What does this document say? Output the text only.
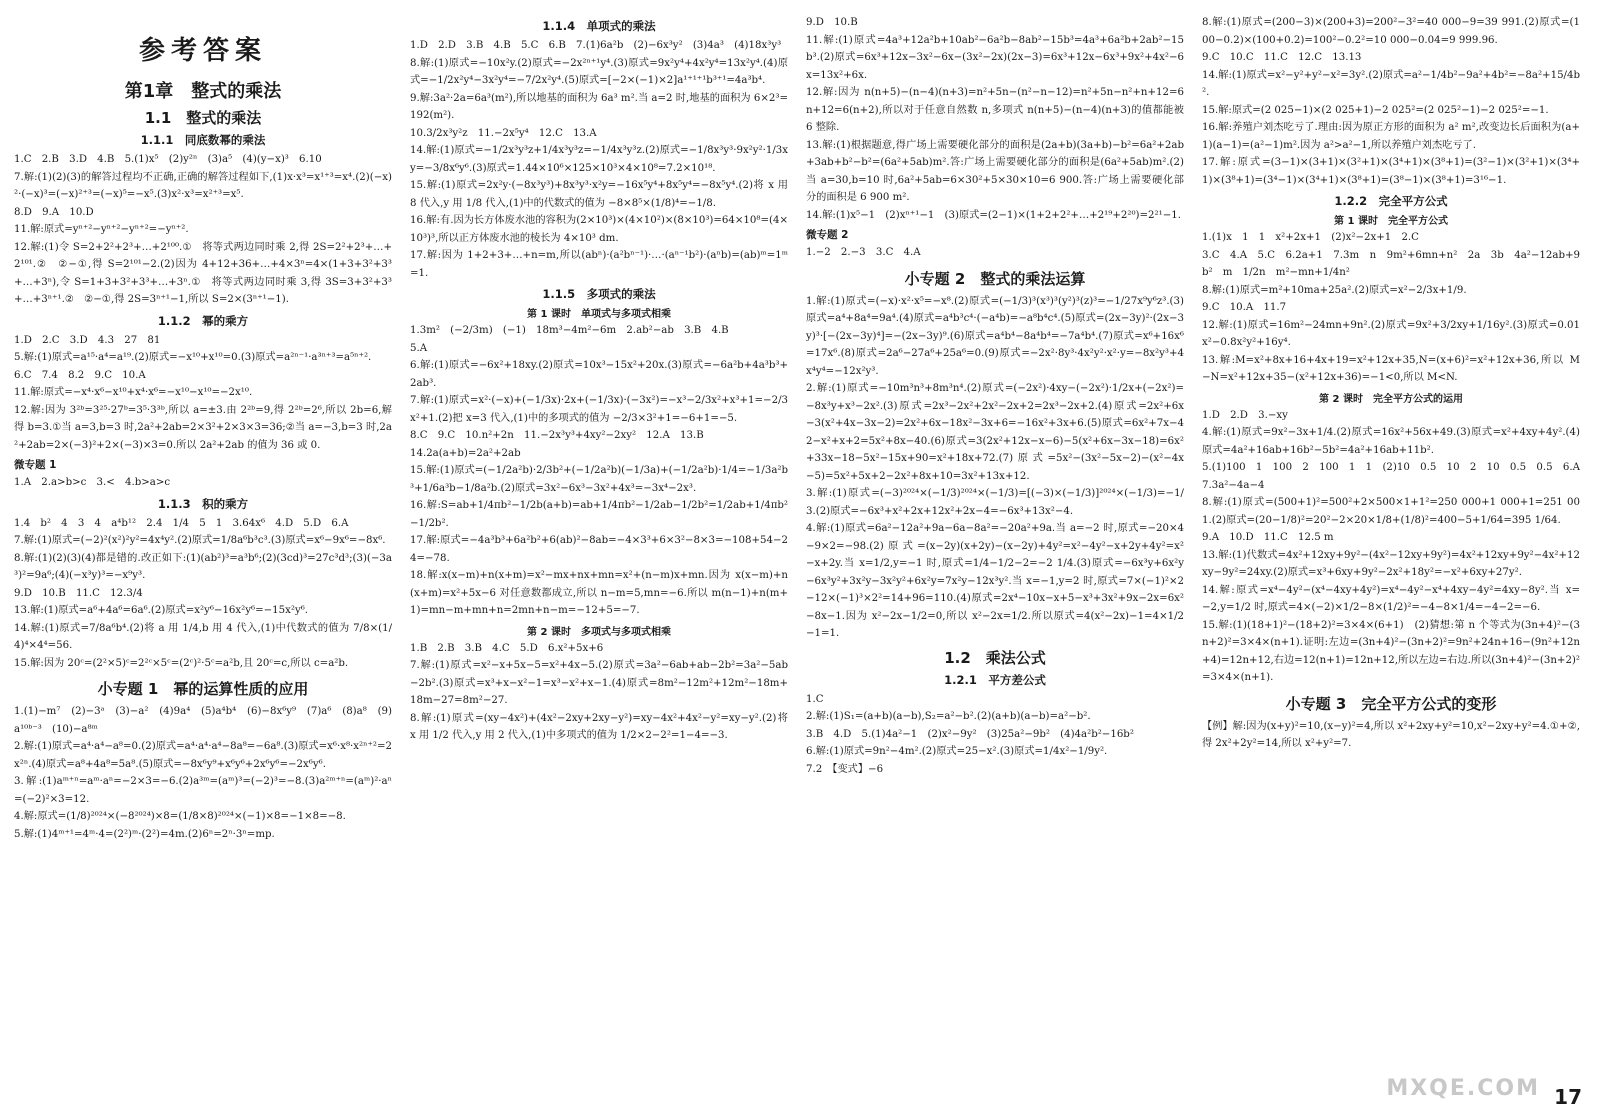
参考答案
第1章　整式的乘法
1.1　整式的乘法
1.1.1　同底数幂的乘法

1.C　2.B　3.D　4.B　5.(1)x⁵　(2)y²ⁿ　(3)a⁵　(4)(y−x)³　6.10

7.解:(1)(2)(3)的解答过程均不正确,正确的解答过程如下,(1)x·x³=x¹⁺³=x⁴.(2)(−x)²·(−x)³=(−x)²⁺³=(−x)⁵=−x⁵.(3)x²·x³=x²⁺³=x⁵.

8.D　9.A　10.D

11.解:原式=yⁿ⁺²−yⁿ⁺²−yⁿ⁺²=−yⁿ⁺².

12.解:(1)令 S=2+2²+2³+…+2¹⁰⁰.①　将等式两边同时乘 2,得 2S=2²+2³+…+2¹⁰¹.②　②−①,得 S=2¹⁰¹−2.(2)因为 4+12+36+…+4×3ⁿ=4×(1+3+3²+3³+…+3ⁿ),令 S=1+3+3²+3³+…+3ⁿ.①　将等式两边同时乘 3,得 3S=3+3²+3³+…+3ⁿ⁺¹.②　②−①,得 2S=3ⁿ⁺¹−1,所以 S=2×(3ⁿ⁺¹−1).

1.1.2　幂的乘方

1.D　2.C　3.D　4.3　27　81

5.解:(1)原式=a¹⁵·a⁴=a¹⁹.(2)原式=−x¹⁰+x¹⁰=0.(3)原式=a²ⁿ⁻¹·a³ⁿ⁺³=a⁵ⁿ⁺².

6.C　7.4　8.2　9.C　10.A

11.解:原式=−x⁴·x⁶−x¹⁰+x⁴·x⁶=−x¹⁰−x¹⁰=−2x¹⁰.

12.解:因为 3²ᵇ=3²⁵·27ᵇ=3⁵·3³ᵇ,所以 a=±3.由 2²ᵇ=9,得 2²ᵇ=2⁶,所以 2b=6,解得 b=3.①当 a=3,b=3 时,2a²+2ab=2×3²+2×3×3=36;②当 a=−3,b=3 时,2a²+2ab=2×(−3)²+2×(−3)×3=0.所以 2a²+2ab 的值为 36 或 0.

微专题 1

1.A　2.a>b>c　3.<　4.b>a>c

1.1.3　积的乘方

1.4　b²　4　3　4　a⁴b¹²　2.4　1/4　5　1　3.64x⁶　4.D　5.D　6.A

7.解:(1)原式=(−2)²(x²)²y²=4x⁴y².(2)原式=1/8a⁶b³c³.(3)原式=x⁶−9x⁶=−8x⁶.

8.解:(1)(2)(3)(4)都是错的.改正如下:(1)(ab²)³=a³b⁶;(2)(3cd)³=27c³d³;(3)(−3a³)²=9a⁶;(4)(−x³y)³=−x⁹y³.

9.D　10.B　11.C　12.3/4

13.解:(1)原式=a⁶+4a⁶=6a⁶.(2)原式=x²y⁶−16x²y⁶=−15x²y⁶.

14.解:(1)原式=7/8a⁶b⁴.(2)将 a 用 1/4,b 用 4 代入,(1)中代数式的值为 7/8×(1/4)⁴×4⁴=56.

15.解:因为 20ᶜ=(2²×5)ᶜ=2²ᶜ×5ᶜ=(2ᶜ)²·5ᶜ=a²b,且 20ᶜ=c,所以 c=a²b.

小专题 1　幂的运算性质的应用

1.(1)−m⁷　(2)−3ᵃ　(3)−a²　(4)9a⁴　(5)a⁴b⁴　(6)−8x⁶y⁹　(7)a⁶　(8)a⁸　(9)a¹⁰ᵇ⁻³　(10)−a⁸ᵐ

2.解:(1)原式=a⁴·a⁴−a⁸=0.(2)原式=a⁴·a⁴·a⁴−8a⁸=−6a⁸.(3)原式=x⁶·x⁸·x²ⁿ⁺²=2x²ⁿ.(4)原式=a⁸+4a⁸=5a⁸.(5)原式=−8x⁶y⁹+x⁶y⁶+2x⁶y⁶=−2x⁶y⁶.

3.解:(1)aᵐ⁺ⁿ=aᵐ·aⁿ=−2×3=−6.(2)a³ᵐ=(aᵐ)³=(−2)³=−8.(3)a²ᵐ⁺ⁿ=(aᵐ)²·aⁿ=(−2)²×3=12.

4.解:原式=(1/8)²⁰²⁴×(−8²⁰²⁴)×8=(1/8×8)²⁰²⁴×(−1)×8=−1×8=−8.

5.解:(1)4ᵐ⁺¹=4ᵐ·4=(2²)ᵐ·(2²)=4m.(2)6ⁿ=2ⁿ·3ⁿ=mp.

1.1.4　单项式的乘法

1.D　2.D　3.B　4.B　5.C　6.B　7.(1)6a²b　(2)−6x³y²　(3)4a³　(4)18x³y³

8.解:(1)原式=−10x²y.(2)原式=−2x²ⁿ⁺¹y⁴.(3)原式=9x²y⁴+4x²y⁴=13x²y⁴.(4)原式=−1/2x²y⁴−3x²y⁴=−7/2x²y⁴.(5)原式=[−2×(−1)×2]a¹⁺¹⁺¹b³⁺¹=4a³b⁴.

9.解:3a²·2a=6a³(m²),所以地基的面积为 6a³ m².当 a=2 时,地基的面积为 6×2³=192(m²).

10.3/2x³y²z　11.−2x⁵y⁴　12.C　13.A

14.解:(1)原式=−1/2x³y³z+1/4x³y³z=−1/4x³y³z.(2)原式=−1/8x³y³·9x²y²·1/3xy=−3/8x⁶y⁶.(3)原式=1.44×10⁶×125×10³×4×10⁸=7.2×10¹⁸.

15.解:(1)原式=2x²y·(−8x³y³)+8x³y³·x²y=−16x⁵y⁴+8x⁵y⁴=−8x⁵y⁴.(2)将 x 用 8 代入,y 用 1/8 代入,(1)中的代数式的值为 −8×8⁵×(1/8)⁴=−1/8.

16.解:有.因为长方体废水池的容积为(2×10³)×(4×10²)×(8×10³)=64×10⁸=(4×10³)³,所以正方体废水池的棱长为 4×10³ dm.

17.解:因为 1+2+3+…+n=m,所以(abⁿ)·(a²bⁿ⁻¹)·…·(aⁿ⁻¹b²)·(aⁿb)=(ab)ᵐ=1ᵐ=1.

1.1.5　多项式的乘法
第 1 课时　单项式与多项式相乘

1.3m²　(−2/3m)　(−1)　18m³−4m²−6m　2.ab²−ab　3.B　4.B

5.A

6.解:(1)原式=−6x²+18xy.(2)原式=10x³−15x²+20x.(3)原式=−6a²b+4a³b³+2ab³.

7.解:(1)原式=x²·(−x)+(−1/3x)·2x+(−1/3x)·(−3x²)=−x³−2/3x²+x³+1=−2/3x²+1.(2)把 x=3 代入,(1)中的多项式的值为 −2/3×3²+1=−6+1=−5.

8.C　9.C　10.n²+2n　11.−2x³y³+4xy²−2xy²　12.A　13.B

14.2a(a+b)=2a²+2ab

15.解:(1)原式=(−1/2a²b)·2/3b²+(−1/2a²b)(−1/3a)+(−1/2a²b)·1/4=−1/3a²b³+1/6a³b−1/8a²b.(2)原式=3x²−6x³−3x²+4x³=−3x⁴−2x³.

16.解:S=ab+1/4πb²−1/2b(a+b)=ab+1/4πb²−1/2ab−1/2b²=1/2ab+1/4πb²−1/2b².

17.解:原式=−4a³b³+6a²b²+6(ab)²−8ab=−4×3³+6×3²−8×3=−108+54−24=−78.

18.解:x(x−m)+n(x+m)=x²−mx+nx+mn=x²+(n−m)x+mn.因为 x(x−m)+n(x+m)=x²+5x−6 对任意数都成立,所以 n−m=5,mn=−6.所以 m(n−1)+n(m+1)=mn−m+mn+n=2mn+n−m=−12+5=−7.

第 2 课时　多项式与多项式相乘

1.B　2.B　3.B　4.C　5.D　6.x²+5x+6

7.解:(1)原式=x²−x+5x−5=x²+4x−5.(2)原式=3a²−6ab+ab−2b²=3a²−5ab−2b².(3)原式=x³+x−x²−1=x³−x²+x−1.(4)原式=8m²−12m²+12m²−18m+18m−27=8m²−27.

8.解:(1)原式=(xy−4x²)+(4x²−2xy+2xy−y²)=xy−4x²+4x²−y²=xy−y².(2)将 x 用 1/2 代入,y 用 2 代入,(1)中多项式的值为 1/2×2−2²=1−4=−3.

9.D　10.B

11.解:(1)原式=4a³+12a²b+10ab²−6a²b−8ab²−15b³=4a³+6a²b+2ab²−15b³.(2)原式=6x³+12x−3x²−6x−(3x²−2x)(2x−3)=6x³+12x−6x³+9x²+4x²−6x=13x²+6x.

12.解:因为 n(n+5)−(n−4)(n+3)=n²+5n−(n²−n−12)=n²+5n−n²+n+12=6n+12=6(n+2),所以对于任意自然数 n,多项式 n(n+5)−(n−4)(n+3)的值都能被 6 整除.

13.解:(1)根据题意,得广场上需要硬化部分的面积是(2a+b)(3a+b)−b²=6a²+2ab+3ab+b²−b²=(6a²+5ab)m².答:广场上需要硬化部分的面积是(6a²+5ab)m².(2)当 a=30,b=10 时,6a²+5ab=6×30²+5×30×10=6 900.答:广场上需要硬化部分的面积是 6 900 m².

14.解:(1)x⁵−1　(2)xⁿ⁺¹−1　(3)原式=(2−1)×(1+2+2²+…+2¹⁹+2²⁰)=2²¹−1.

微专题 2

1.−2　2.−3　3.C　4.A

小专题 2　整式的乘法运算

1.解:(1)原式=(−x)·x²·x⁵=−x⁸.(2)原式=(−1/3)³(x³)³(y²)³(z)³=−1/27x⁹y⁶z³.(3)原式=a⁴+8a⁴=9a⁴.(4)原式=a⁴b³c⁴·(−a⁴b)=−a⁸b⁴c⁴.(5)原式=(2x−3y)²·(2x−3y)³·[−(2x−3y)⁴]=−(2x−3y)⁹.(6)原式=a⁴b⁴−8a⁴b⁴=−7a⁴b⁴.(7)原式=x⁶+16x⁶=17x⁶.(8)原式=2a⁶−27a⁶+25a⁶=0.(9)原式=−2x²·8y³·4x²y²·x²·y=−8x²y³+4x⁴y⁴=−12x²y³.

2.解:(1)原式=−10m³n³+8m³n⁴.(2)原式=(−2x²)·4xy−(−2x²)·1/2x+(−2x²)=−8x³y+x³−2x².(3)原式=2x³−2x²+2x²−2x+2=2x³−2x+2.(4)原式=2x²+6x−3(x²+4x−3x−2)=2x²+6x−18x²−3x+6=−16x²+3x+6.(5)原式=6x²+7x−42−x²+x+2=5x²+8x−40.(6)原式=3(2x²+12x−x−6)−5(x²+6x−3x−18)=6x²+33x−18−5x²−15x+90=x²+18x+72.(7)原式=5x²−(3x²−5x−2)−(x²−4x−5)=5x²+5x+2−2x²+8x+10=3x²+13x+12.

3.解:(1)原式=(−3)²⁰²⁴×(−1/3)²⁰²⁴×(−1/3)=[(−3)×(−1/3)]²⁰²⁴×(−1/3)=−1/3.(2)原式=−6x³+x²+2x+12x²+2x−4=−6x³+13x²−4.

4.解:(1)原式=6a²−12a²+9a−6a−8a²=−20a²+9a.当 a=−2 时,原式=−20×4−9×2=−98.(2)原式=(x−2y)(x+2y)−(x−2y)+4y²=x²−4y²−x+2y+4y²=x²−x+2y.当 x=1/2,y=−1 时,原式=1/4−1/2−2=−2 1/4.(3)原式=−6x³y+6x²y−6x³y²+3x²y−3x²y²+6x²y=7x²y−12x³y².当 x=−1,y=2 时,原式=7×(−1)²×2−12×(−1)³×2²=14+96=110.(4)原式=2x⁴−10x−x+5−x³+3x²+9x−2x=6x²−8x−1.因为 x²−2x−1/2=0,所以 x²−2x=1/2.所以原式=4(x²−2x)−1=4×1/2−1=1.

1.2　乘法公式
1.2.1　平方差公式

1.C

2.解:(1)S₁=(a+b)(a−b),S₂=a²−b².(2)(a+b)(a−b)=a²−b².

3.B　4.D　5.(1)4a²−1　(2)x²−9y²　(3)25a²−9b²　(4)4a²b²−16b²

6.解:(1)原式=9n²−4m².(2)原式=25−x².(3)原式=1/4x²−1/9y².

7.2　【变式】−6

8.解:(1)原式=(200−3)×(200+3)=200²−3²=40 000−9=39 991.(2)原式=(100−0.2)×(100+0.2)=100²−0.2²=10 000−0.04=9 999.96.

9.C　10.C　11.C　12.C　13.13

14.解:(1)原式=x²−y²+y²−x²=3y².(2)原式=a²−1/4b²−9a²+4b²=−8a²+15/4b².

15.解:原式=(2 025−1)×(2 025+1)−2 025²=(2 025²−1)−2 025²=−1.

16.解:养殖户刘杰吃亏了.理由:因为原正方形的面积为 a² m²,改变边长后面积为(a+1)(a−1)=(a²−1)m².因为 a²>a²−1,所以养殖户刘杰吃亏了.

17.解:原式=(3−1)×(3+1)×(3²+1)×(3⁴+1)×(3⁸+1)=(3²−1)×(3²+1)×(3⁴+1)×(3⁸+1)=(3⁴−1)×(3⁴+1)×(3⁸+1)=(3⁸−1)×(3⁸+1)=3¹⁶−1.

1.2.2　完全平方公式
第 1 课时　完全平方公式

1.(1)x　1　1　x²+2x+1　(2)x²−2x+1　2.C

3.C　4.A　5.C　6.2a+1　7.3m　n　9m²+6mn+n²　2a　3b　4a²−12ab+9b²　m　1/2n　m²−mn+1/4n²

8.解:(1)原式=m²+10ma+25a².(2)原式=x²−2/3x+1/9.

9.C　10.A　11.7

12.解:(1)原式=16m²−24mn+9n².(2)原式=9x²+3/2xy+1/16y².(3)原式=0.01x²−0.8x²y²+16y⁴.

13.解:M=x²+8x+16+4x+19=x²+12x+35,N=(x+6)²=x²+12x+36,所以 M−N=x²+12x+35−(x²+12x+36)=−1<0,所以 M<N.

第 2 课时　完全平方公式的运用

1.D　2.D　3.−xy

4.解:(1)原式=9x²−3x+1/4.(2)原式=16x²+56x+49.(3)原式=x²+4xy+4y².(4)原式=4a²+16ab+16b²−5b²=4a²+16ab+11b².

5.(1)100　1　100　2　100　1　1　(2)10　0.5　10　2　10　0.5　0.5　6.A　7.3a²−4a−4

8.解:(1)原式=(500+1)²=500²+2×500×1+1²=250 000+1 000+1=251 001.(2)原式=(20−1/8)²=20²−2×20×1/8+(1/8)²=400−5+1/64=395 1/64.

9.A　10.D　11.C　12.5 m

13.解:(1)代数式=4x²+12xy+9y²−(4x²−12xy+9y²)=4x²+12xy+9y²−4x²+12xy−9y²=24xy.(2)原式=x³+6xy+9y²−2x²+18y²=−x²+6xy+27y².

14.解:原式=x⁴−4y²−(x⁴−4xy+4y²)=x⁴−4y²−x⁴+4xy−4y²=4xy−8y².当 x=−2,y=1/2 时,原式=4×(−2)×1/2−8×(1/2)²=−4−8×1/4=−4−2=−6.

15.解:(1)(18+1)²−(18+2)²=3×4×(6+1)　(2)猜想:第 n 个等式为(3n+4)²−(3n+2)²=3×4×(n+1).证明:左边=(3n+4)²−(3n+2)²=9n²+24n+16−(9n²+12n+4)=12n+12,右边=12(n+1)=12n+12,所以左边=右边.所以(3n+4)²−(3n+2)²=3×4×(n+1).

小专题 3　完全平方公式的变形

【例】解:因为(x+y)²=10,(x−y)²=4,所以 x²+2xy+y²=10,x²−2xy+y²=4.①+②,得 2x²+2y²=14,所以 x²+y²=7.

MXQE.COM 17
